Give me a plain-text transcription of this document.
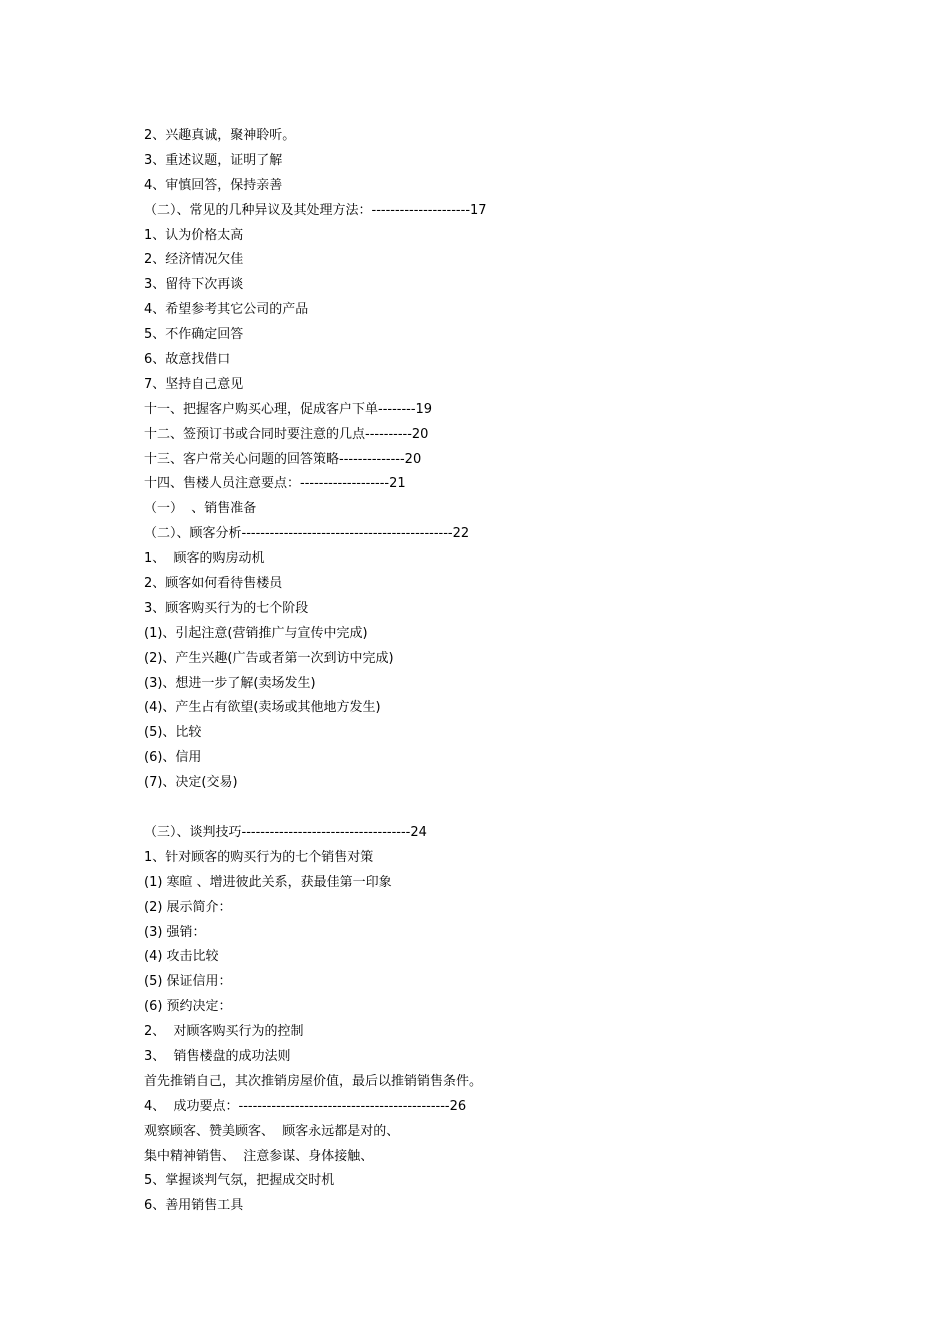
2、兴趣真诚，聚神聆听。
3、重述议题，证明了解
4、审慎回答，保持亲善
（二）、常见的几种异议及其处理方法：---------------------17
1、认为价格太高
2、经济情况欠佳
3、留待下次再谈
4、希望参考其它公司的产品
5、不作确定回答
6、故意找借口
7、坚持自己意见
十一、把握客户购买心理，促成客户下单--------19
十二、签预订书或合同时要注意的几点----------20
十三、客户常关心问题的回答策略--------------20
十四、售楼人员注意要点：-------------------21
（一）  、销售准备
（二）、顾客分析---------------------------------------------22
1、  顾客的购房动机
2、顾客如何看待售楼员
3、顾客购买行为的七个阶段
(1)、引起注意(营销推广与宣传中完成)
(2)、产生兴趣(广告或者第一次到访中完成)
(3)、想进一步了解(卖场发生)
(4)、产生占有欲望(卖场或其他地方发生)
(5)、比较
(6)、信用
(7)、决定(交易)
（三）、谈判技巧------------------------------------24
1、针对顾客的购买行为的七个销售对策
(1) 寒暄 、增进彼此关系，获最佳第一印象
(2) 展示简介：
(3) 强销：
(4) 攻击比较
(5) 保证信用：
(6) 预约决定：
2、  对顾客购买行为的控制
3、  销售楼盘的成功法则
首先推销自己，其次推销房屋价值，最后以推销销售条件。
4、  成功要点：---------------------------------------------26
观察顾客、赞美顾客、  顾客永远都是对的、
集中精神销售、  注意参谋、身体接触、
5、掌握谈判气氛，把握成交时机
6、善用销售工具
